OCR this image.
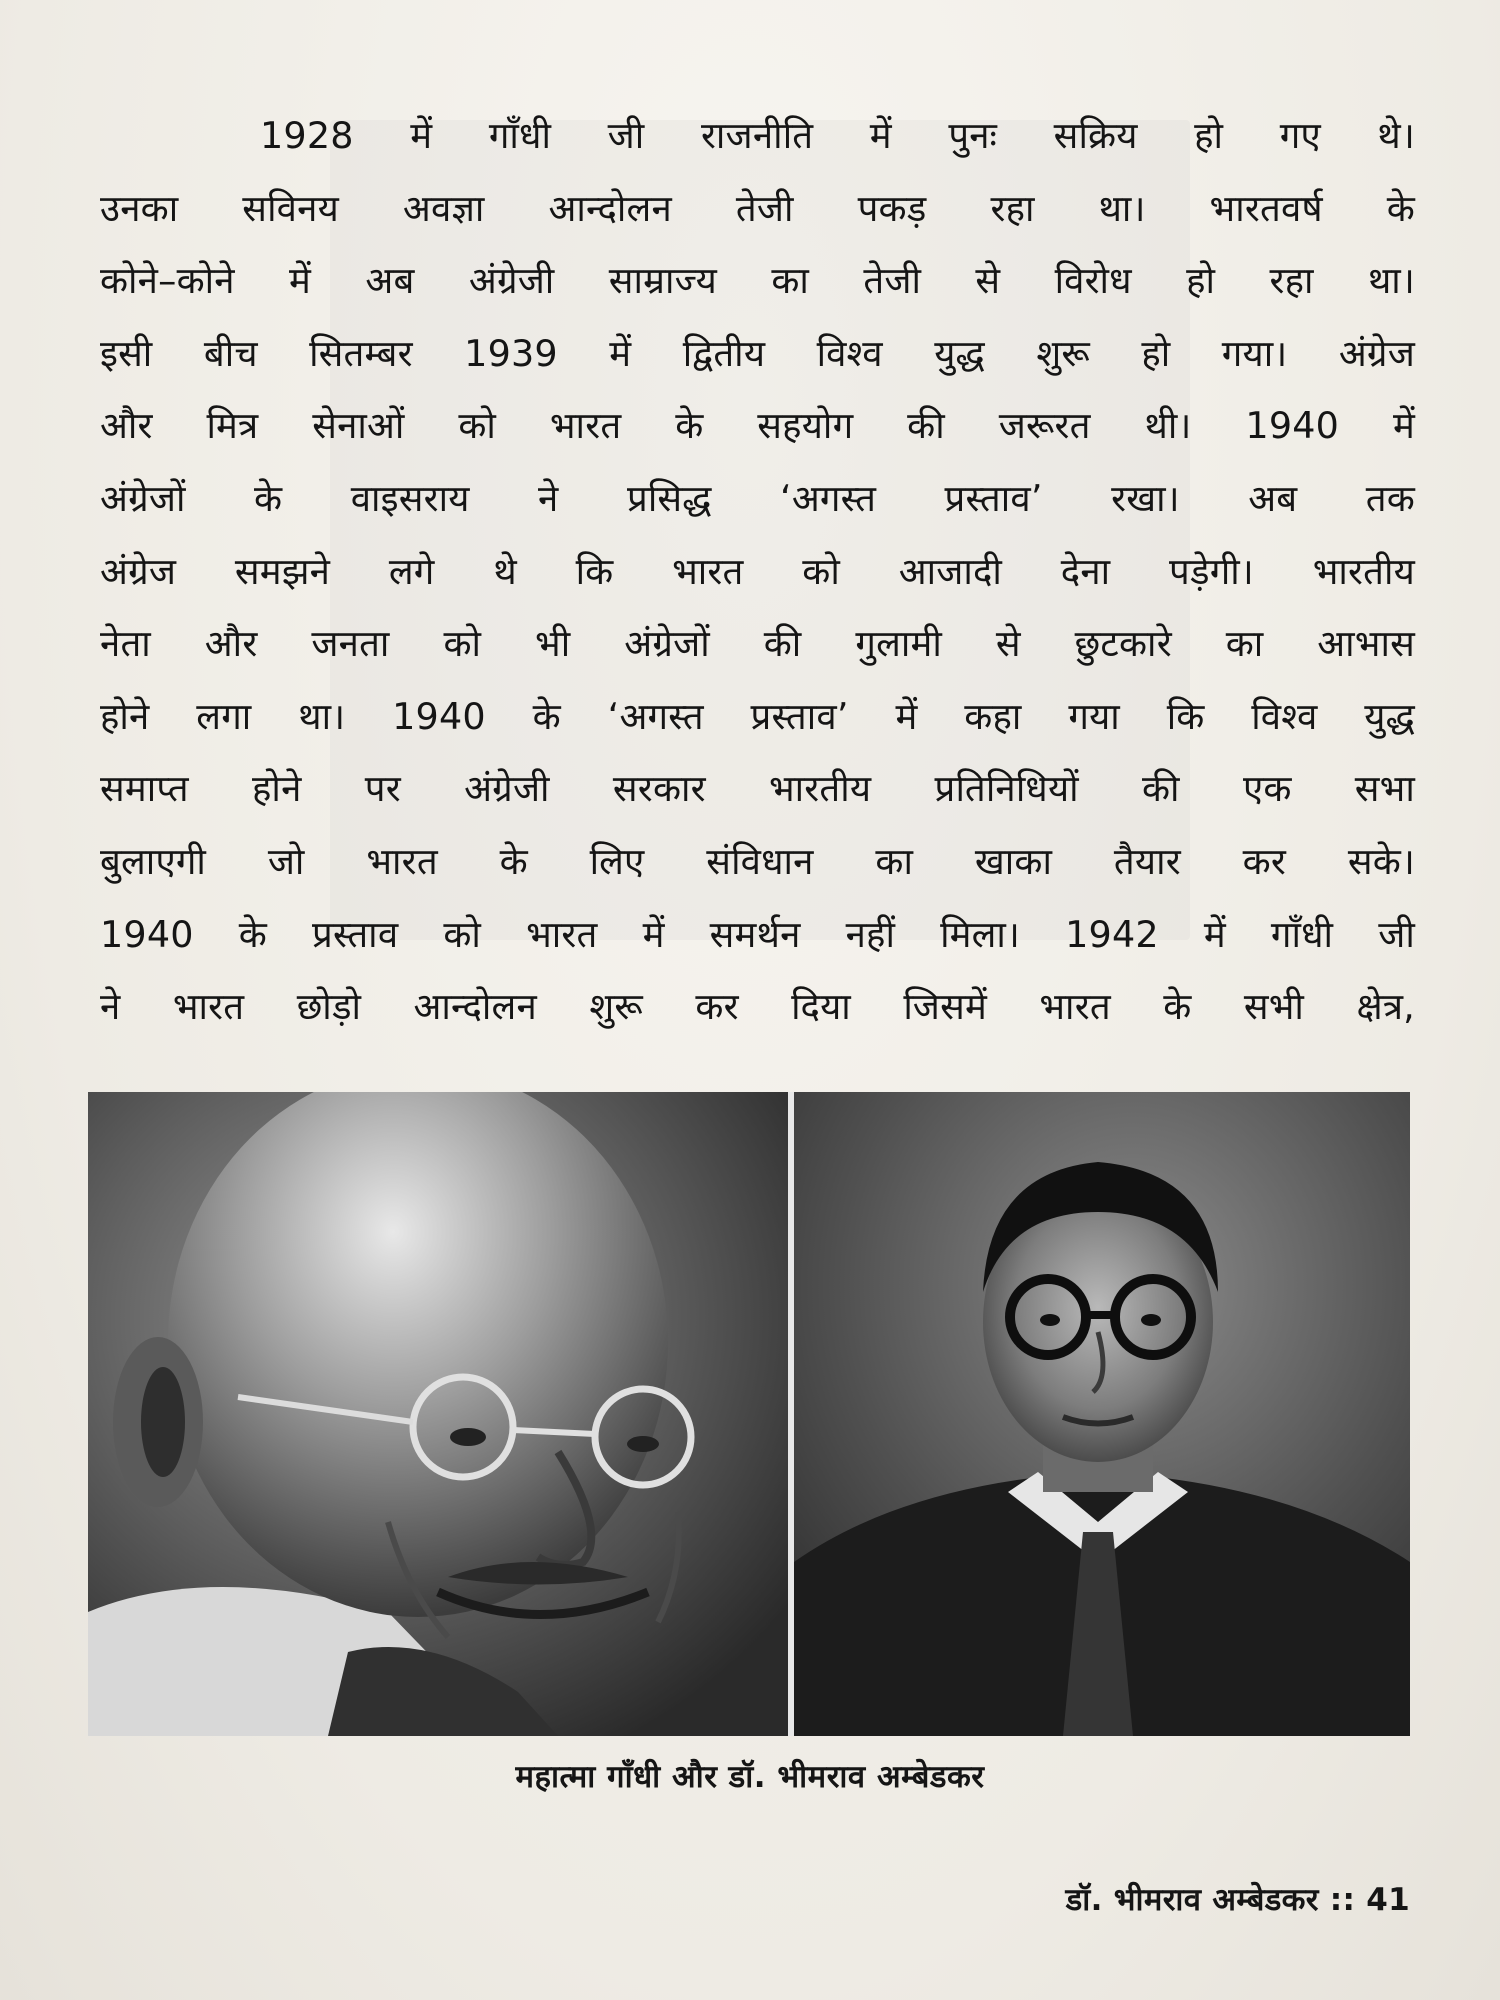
1928 में गाँधी जी राजनीति में पुनः सक्रिय हो गए थे।
उनका सविनय अवज्ञा आन्दोलन तेजी पकड़ रहा था। भारतवर्ष के
कोने–कोने में अब अंग्रेजी साम्राज्य का तेजी से विरोध हो रहा था।
इसी बीच सितम्बर 1939 में द्वितीय विश्व युद्ध शुरू हो गया। अंग्रेज
और मित्र सेनाओं को भारत के सहयोग की जरूरत थी। 1940 में
अंग्रेजों के वाइसराय ने प्रसिद्ध ‘अगस्त प्रस्ताव’ रखा। अब तक
अंग्रेज समझने लगे थे कि भारत को आजादी देना पड़ेगी। भारतीय
नेता और जनता को भी अंग्रेजों की गुलामी से छुटकारे का आभास
होने लगा था। 1940 के ‘अगस्त प्रस्ताव’ में कहा गया कि विश्व युद्ध
समाप्त होने पर अंग्रेजी सरकार भारतीय प्रतिनिधियों की एक सभा
बुलाएगी जो भारत के लिए संविधान का खाका तैयार कर सके।
1940 के प्रस्ताव को भारत में समर्थन नहीं मिला। 1942 में गाँधी जी
ने भारत छोड़ो आन्दोलन शुरू कर दिया जिसमें भारत के सभी क्षेत्र,
महात्मा गाँधी और डॉ. भीमराव अम्बेडकर
डॉ. भीमराव अम्बेडकर :: 41
